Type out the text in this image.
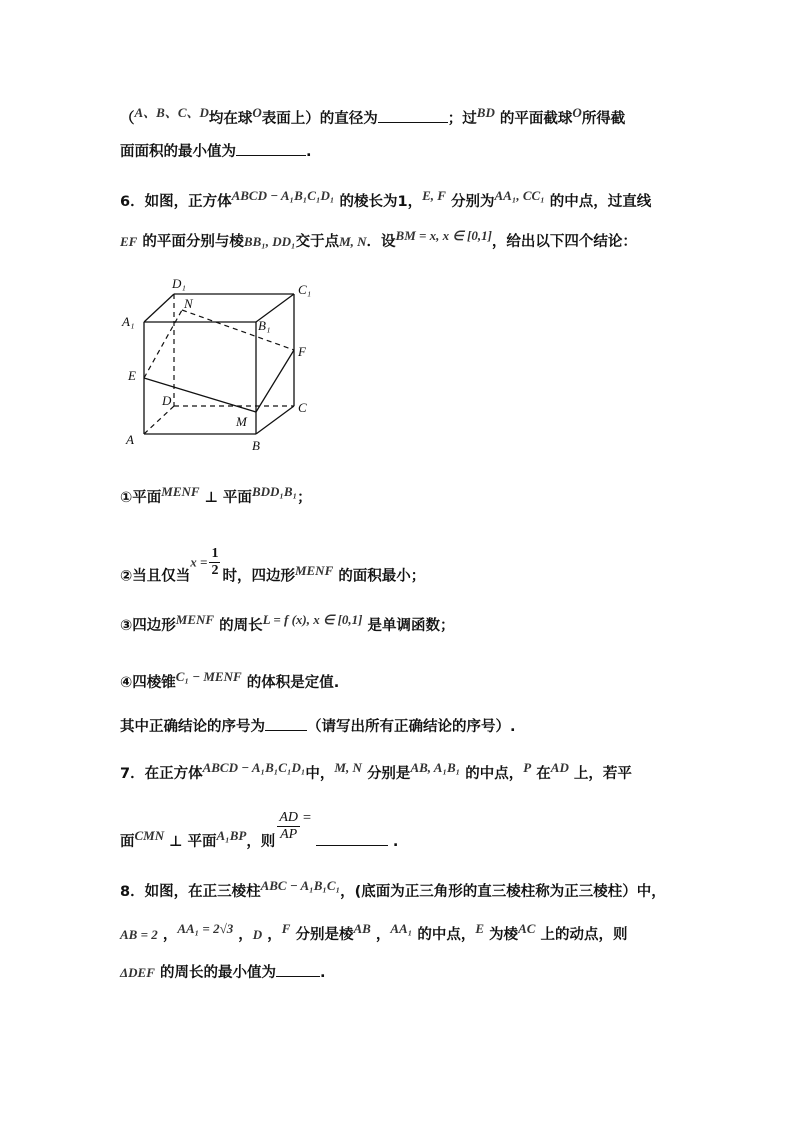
（A、B、C、D均在球O表面上）的直径为	；过BD 的平面截球O所得截
面面积的最小值为	.
6．如图，正方体ABCD − A₁B₁C₁D₁ 的棱长为1，E, F 分别为AA₁, CC₁ 的中点，过直线
EF 的平面分别与棱BB₁, DD₁交于点M, N．设BM = x, x ∈ [0,1]，给出以下四个结论：
A	B
C
D
A₁	B₁
C₁
D₁
E
F
M
N
①平面MENF ⊥ 平面BDD₁B₁；
②当且仅当$x = \frac{1}{2}$ 时，四边形MENF 的面积最小；
③四边形MENF 的周长L = f (x), x ∈ [0,1] 是单调函数；
④四棱锥C₁ − MENF 的体积是定值.
其中正确结论的序号为	（请写出所有正确结论的序号）.
7．在正方体ABCD − A₁B₁C₁D₁中，M, N 分别是AB, A₁B₁ 的中点，P 在AD 上，若平
面CMN ⊥ 平面A₁BP，则 $\frac{AD}{AP}$ = .
8．如图，在正三棱柱ABC − A₁B₁C₁，(底面为正三角形的直三棱柱称为正三棱柱）中，
AB = 2 ，AA₁ = 2√3 ，D ，F 分别是棱AB ，AA₁ 的中点，E 为棱AC 上的动点，则
ΔDEF 的周长的最小值为	.
